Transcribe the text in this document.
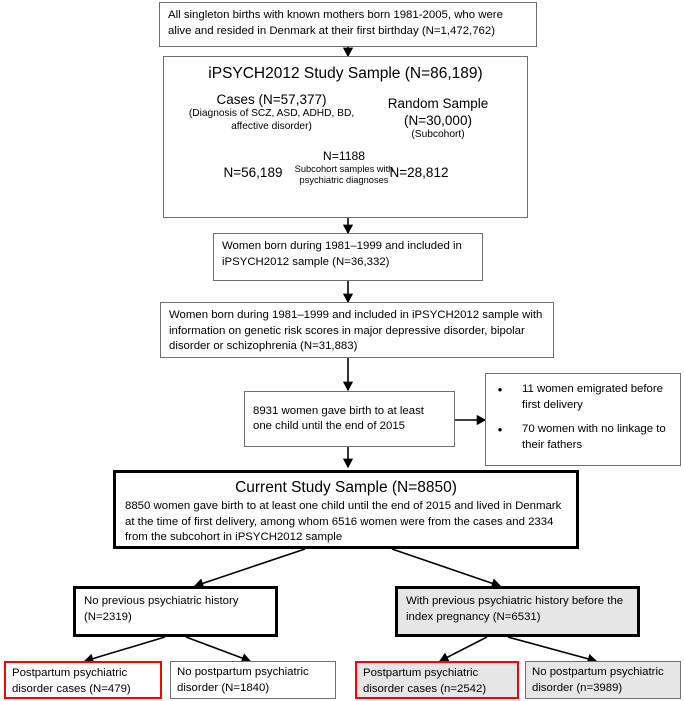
All singleton births with known mothers born 1981-2005, who were alive and resided in Denmark at their first birthday (N=1,472,762)
iPSYCH2012 Study Sample (N=86,189)
Cases (N=57,377)
(Diagnosis of SCZ, ASD, ADHD, BD, affective disorder)
Random Sample (N=30,000)
(Subcohort)
N=56,189	N=28,812
N=1188
Subcohort samples with psychiatric diagnoses
Women born during 1981–1999 and included in iPSYCH2012 sample (N=36,332)
Women born during 1981–1999 and included in iPSYCH2012 sample with information on genetic risk scores in major depressive disorder, bipolar disorder or schizophrenia (N=31,883)
8931 women gave birth to at least one child until the end of 2015
•	11 women emigrated before first delivery
•	70 women with no linkage to their fathers
Current Study Sample (N=8850)
8850 women gave birth to at least one child until the end of 2015 and lived in Denmark at the time of first delivery, among whom 6516 women were from the cases and 2334 from the subcohort in iPSYCH2012 sample
No previous psychiatric history (N=2319)
With previous psychiatric history before the index pregnancy (N=6531)
Postpartum psychiatric disorder cases (N=479)
No postpartum psychiatric disorder (N=1840)
Postpartum psychiatric disorder cases (n=2542)
No postpartum psychiatric disorder (n=3989)
